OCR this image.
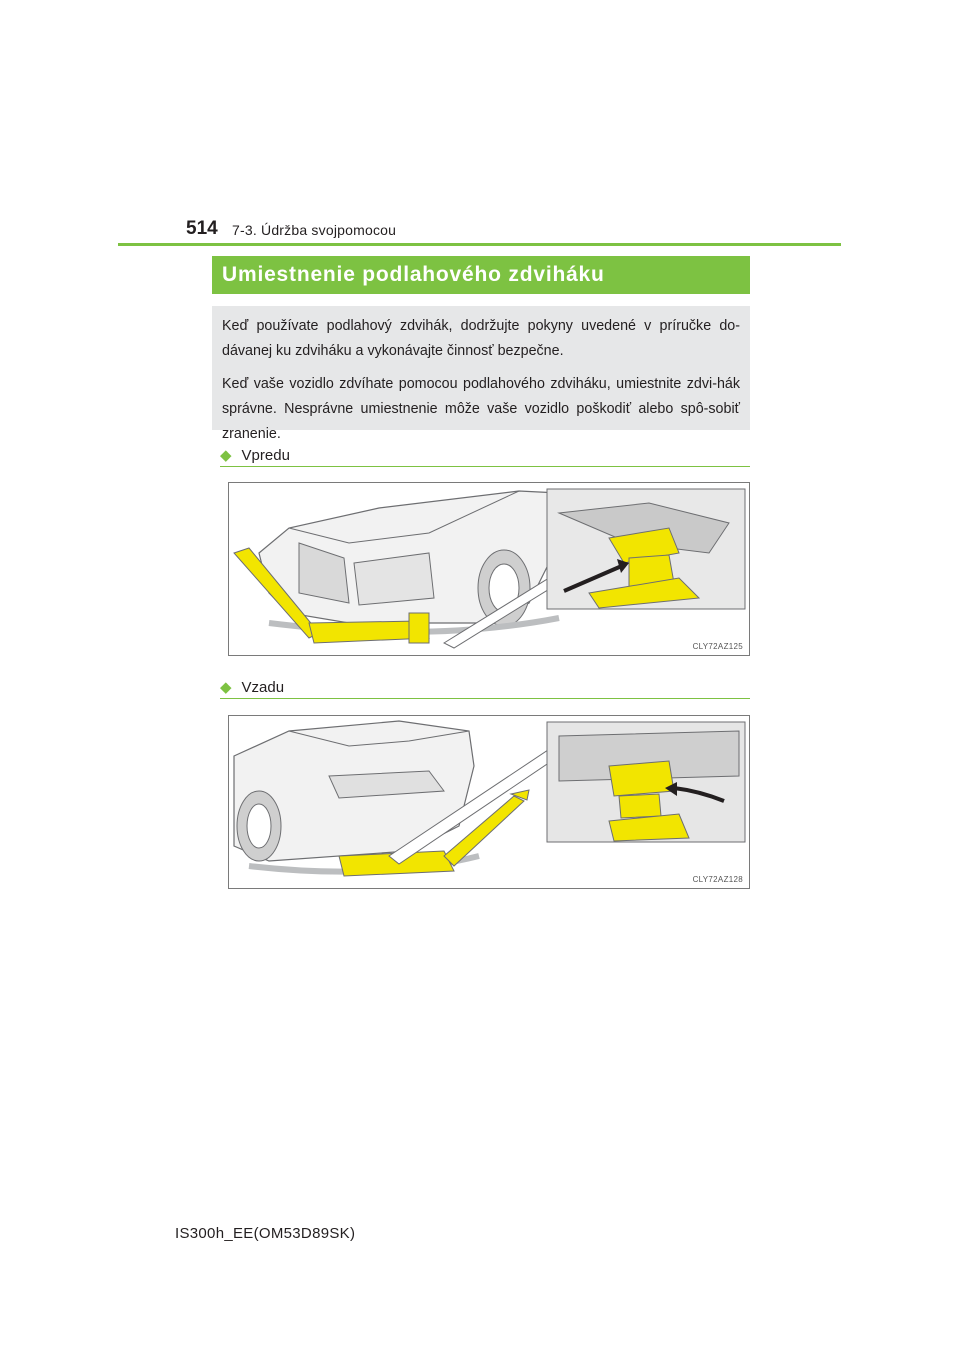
514 7-3. Údržba svojpomocou
Umiestnenie podlahového zdviháku

Keď používate podlahový zdvihák, dodržujte pokyny uvedené v príručke do-dávanej ku zdviháku a vykonávajte činnosť bezpečne.

Keď vaše vozidlo zdvíhate pomocou podlahového zdviháku, umiestnite zdvi-hák správne. Nesprávne umiestnenie môže vaše vozidlo poškodiť alebo spô-sobiť zranenie.

◆ Vpredu
CLY72AZ125
◆ Vzadu
CLY72AZ128
IS300h_EE(OM53D89SK)
